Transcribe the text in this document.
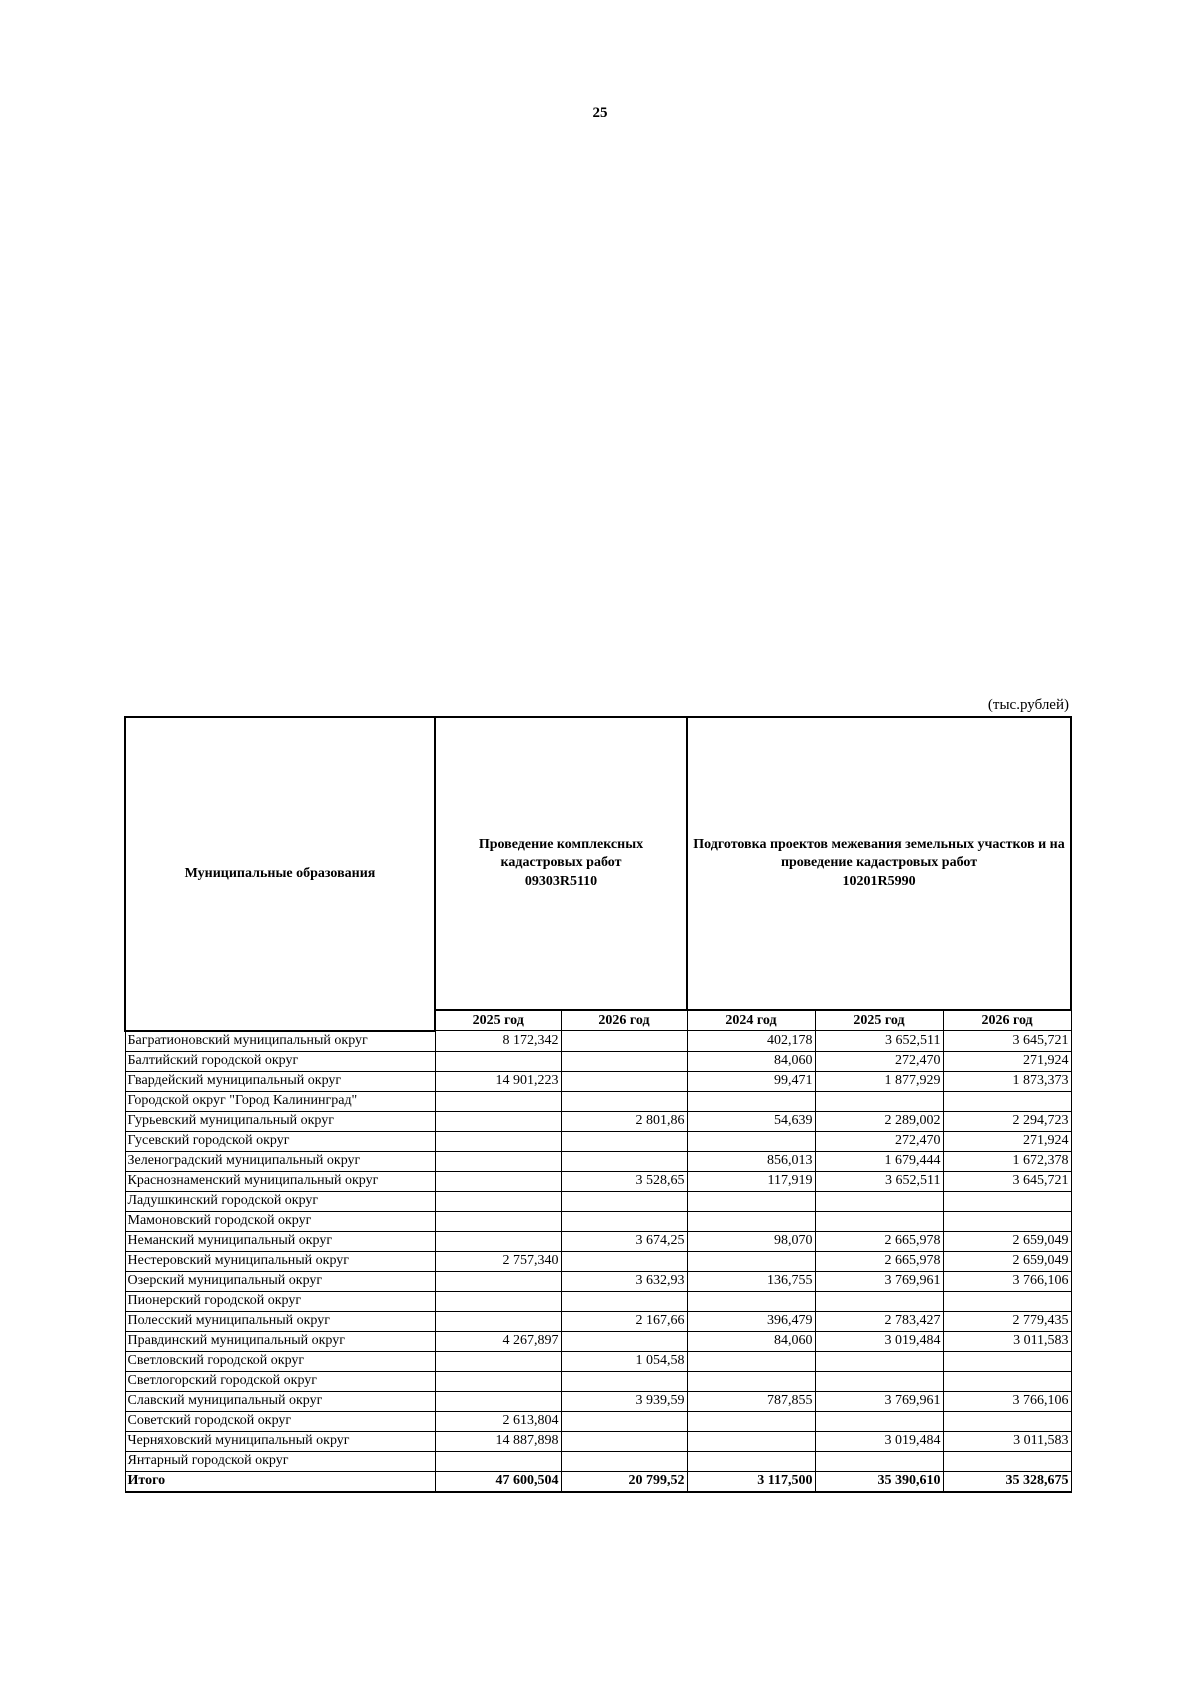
25
(тыс.рублей)
Муниципальные образования	Проведение комплексных кадастровых работ
09303R5110		Подготовка проектов межевания земельных участков и на проведение кадастровых работ
10201R5990		
	2025 год	2026 год	2024 год	2025 год	2026 год
Багратионовский муниципальный округ	8 172,342		402,178	3 652,511	3 645,721
Балтийский городской округ			84,060	272,470	271,924
Гвардейский муниципальный округ	14 901,223		99,471	1 877,929	1 873,373
Городской округ "Город Калининград"					
Гурьевский муниципальный округ		2 801,86	54,639	2 289,002	2 294,723
Гусевский городской округ				272,470	271,924
Зеленоградский муниципальный округ			856,013	1 679,444	1 672,378
Краснознаменский муниципальный округ		3 528,65	117,919	3 652,511	3 645,721
Ладушкинский городской округ					
Мамоновский городской округ					
Неманский муниципальный округ		3 674,25	98,070	2 665,978	2 659,049
Нестеровский муниципальный округ	2 757,340			2 665,978	2 659,049
Озерский муниципальный округ		3 632,93	136,755	3 769,961	3 766,106
Пионерский городской округ					
Полесский муниципальный округ		2 167,66	396,479	2 783,427	2 779,435
Правдинский муниципальный округ	4 267,897		84,060	3 019,484	3 011,583
Светловский городской округ		1 054,58			
Светлогорский городской округ					
Славский муниципальный округ		3 939,59	787,855	3 769,961	3 766,106
Советский городской округ	2 613,804				
Черняховский муниципальный округ	14 887,898			3 019,484	3 011,583
Янтарный городской округ					
Итого	47 600,504	20 799,52	3 117,500	35 390,610	35 328,675
